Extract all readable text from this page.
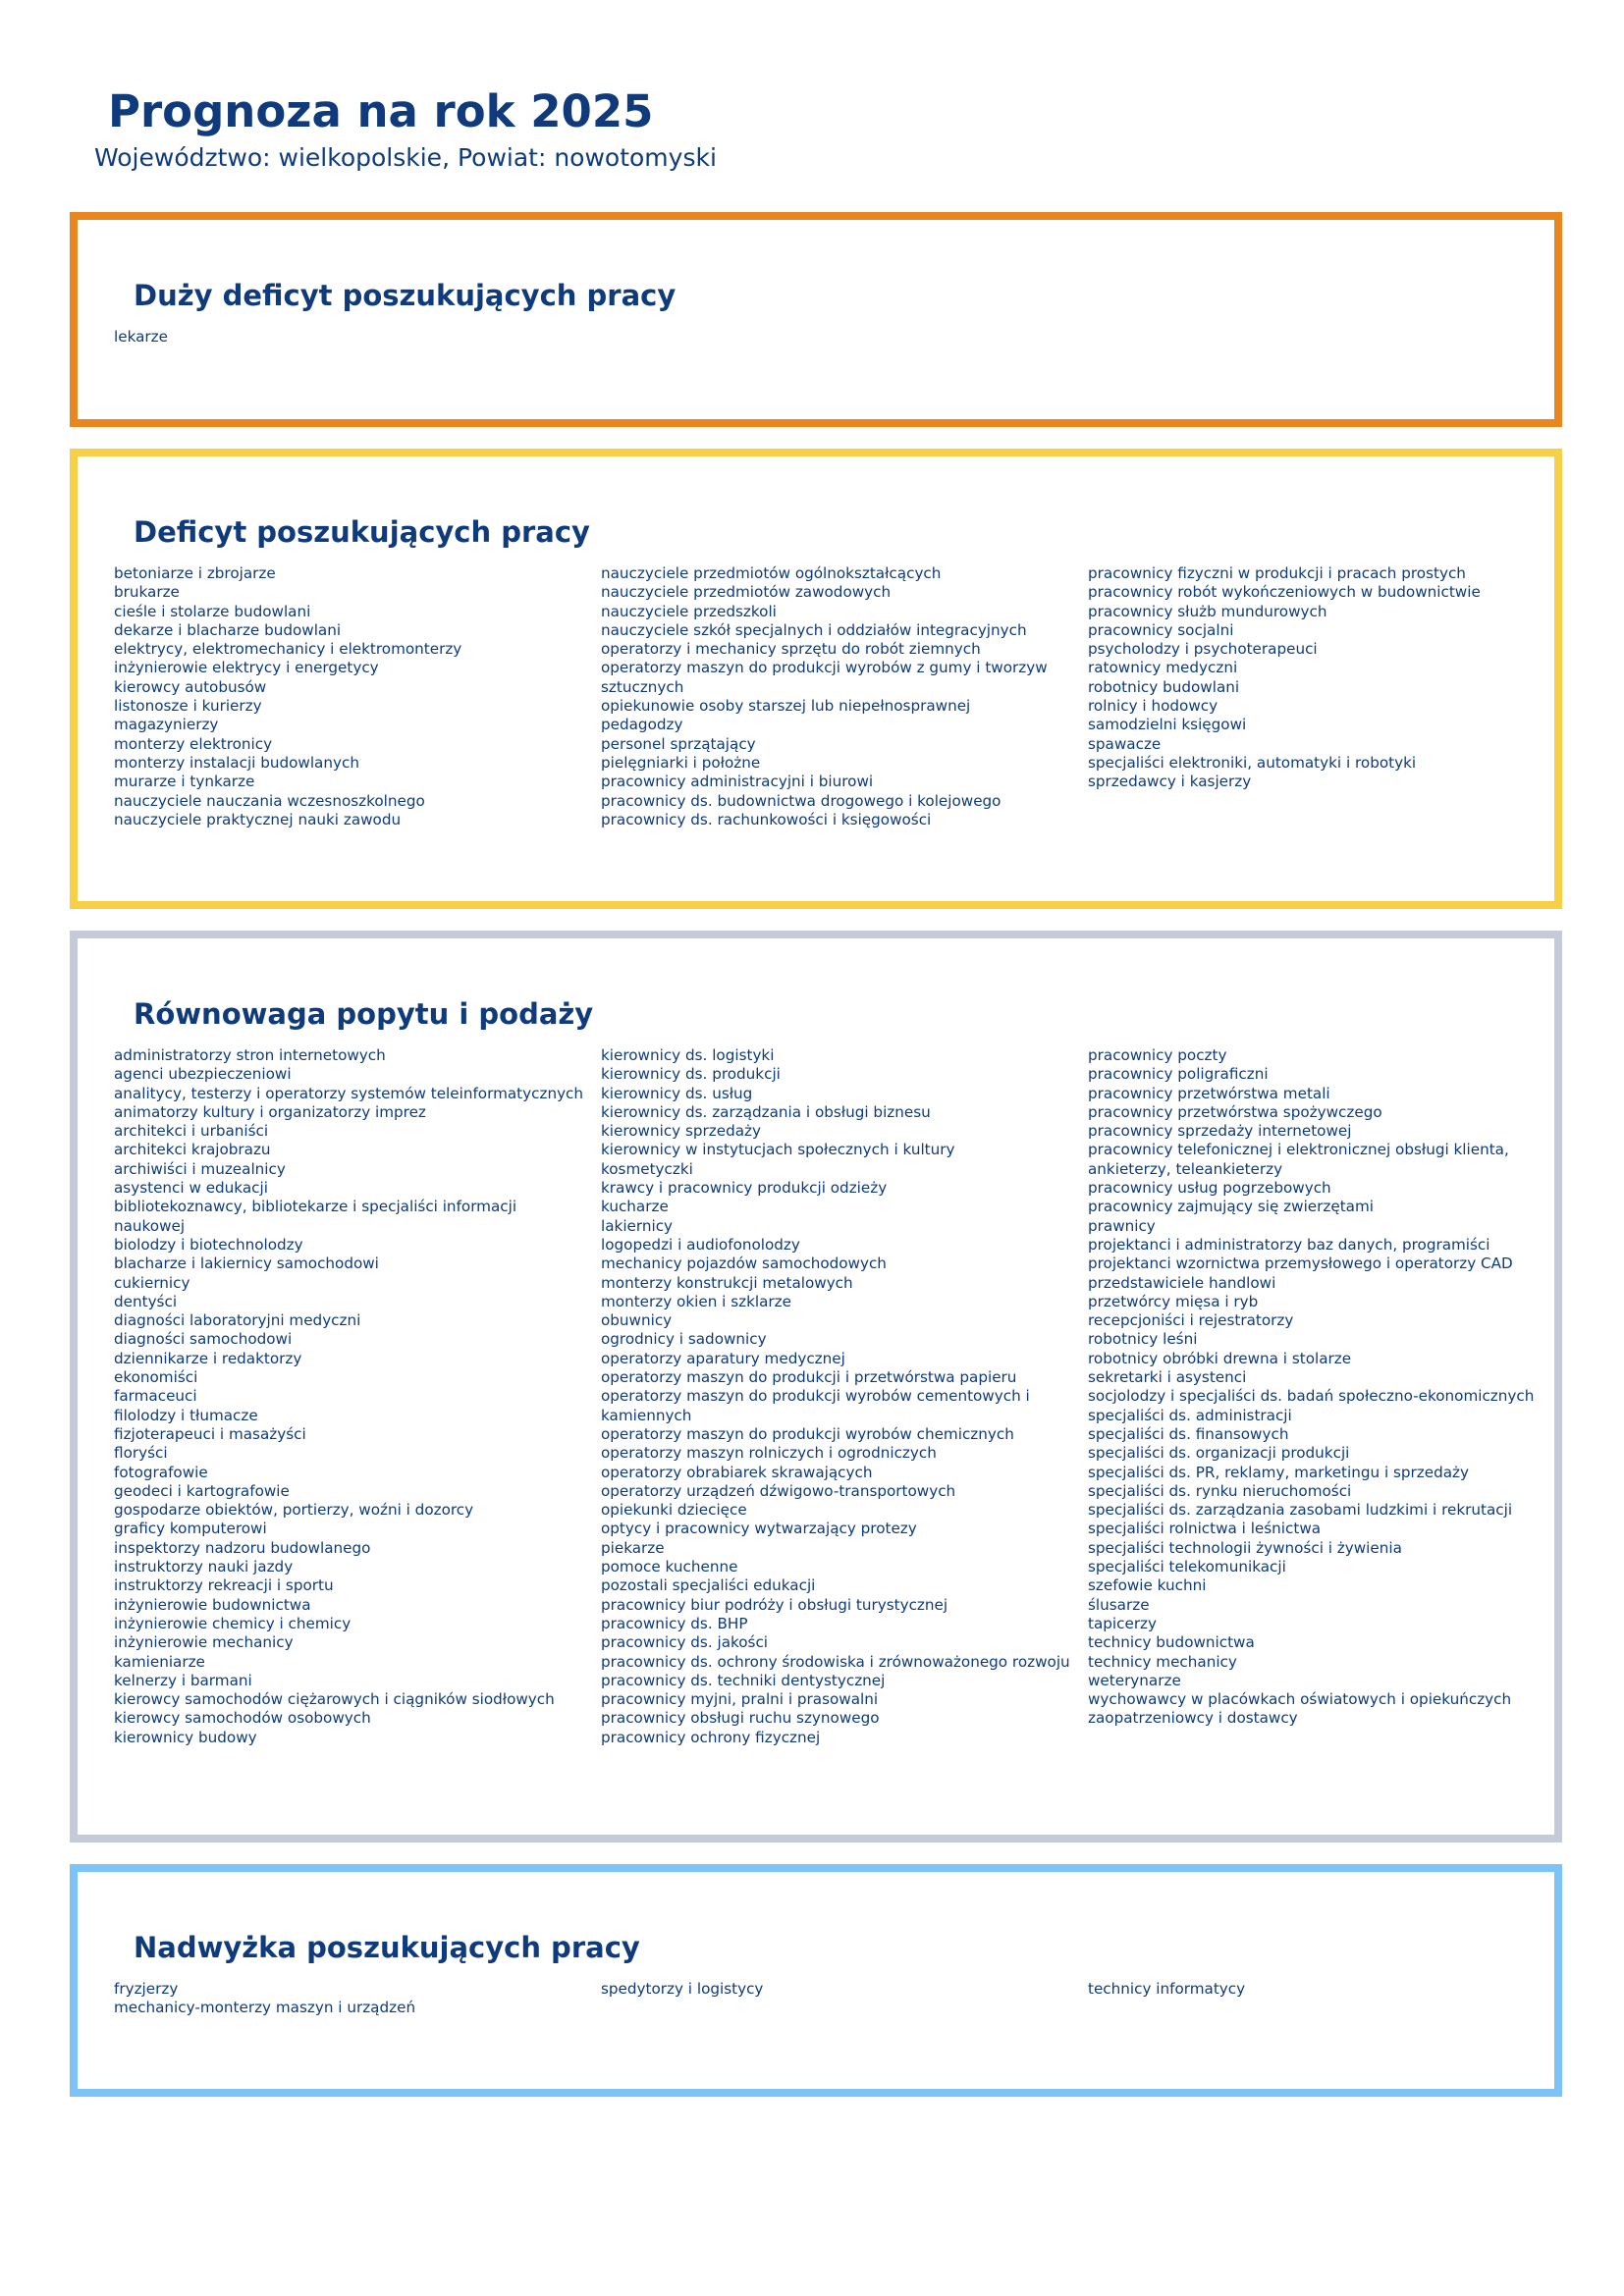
Prognoza na rok 2025

Województwo: wielkopolskie, Powiat: nowotomyski

Duży deficyt poszukujących pracy
lekarze
Deficyt poszukujących pracy
betoniarze i zbrojarze
brukarze
cieśle i stolarze budowlani
dekarze i blacharze budowlani
elektrycy, elektromechanicy i elektromonterzy
inżynierowie elektrycy i energetycy
kierowcy autobusów
listonosze i kurierzy
magazynierzy
monterzy elektronicy
monterzy instalacji budowlanych
murarze i tynkarze
nauczyciele nauczania wczesnoszkolnego
nauczyciele praktycznej nauki zawodu
nauczyciele przedmiotów ogólnokształcących
nauczyciele przedmiotów zawodowych
nauczyciele przedszkoli
nauczyciele szkół specjalnych i oddziałów integracyjnych
operatorzy i mechanicy sprzętu do robót ziemnych
operatorzy maszyn do produkcji wyrobów z gumy i tworzyw sztucznych
opiekunowie osoby starszej lub niepełnosprawnej
pedagodzy
personel sprzątający
pielęgniarki i położne
pracownicy administracyjni i biurowi
pracownicy ds. budownictwa drogowego i kolejowego
pracownicy ds. rachunkowości i księgowości
pracownicy fizyczni w produkcji i pracach prostych
pracownicy robót wykończeniowych w budownictwie
pracownicy służb mundurowych
pracownicy socjalni
psycholodzy i psychoterapeuci
ratownicy medyczni
robotnicy budowlani
rolnicy i hodowcy
samodzielni księgowi
spawacze
specjaliści elektroniki, automatyki i robotyki
sprzedawcy i kasjerzy
Równowaga popytu i podaży
administratorzy stron internetowych
agenci ubezpieczeniowi
analitycy, testerzy i operatorzy systemów teleinformatycznych
animatorzy kultury i organizatorzy imprez
architekci i urbaniści
architekci krajobrazu
archiwiści i muzealnicy
asystenci w edukacji
bibliotekoznawcy, bibliotekarze i specjaliści informacji naukowej
biolodzy i biotechnolodzy
blacharze i lakiernicy samochodowi
cukiernicy
dentyści
diagności laboratoryjni medyczni
diagności samochodowi
dziennikarze i redaktorzy
ekonomiści
farmaceuci
filolodzy i tłumacze
fizjoterapeuci i masażyści
floryści
fotografowie
geodeci i kartografowie
gospodarze obiektów, portierzy, woźni i dozorcy
graficy komputerowi
inspektorzy nadzoru budowlanego
instruktorzy nauki jazdy
instruktorzy rekreacji i sportu
inżynierowie budownictwa
inżynierowie chemicy i chemicy
inżynierowie mechanicy
kamieniarze
kelnerzy i barmani
kierowcy samochodów ciężarowych i ciągników siodłowych
kierowcy samochodów osobowych
kierownicy budowy
kierownicy ds. logistyki
kierownicy ds. produkcji
kierownicy ds. usług
kierownicy ds. zarządzania i obsługi biznesu
kierownicy sprzedaży
kierownicy w instytucjach społecznych i kultury
kosmetyczki
krawcy i pracownicy produkcji odzieży
kucharze
lakiernicy
logopedzi i audiofonolodzy
mechanicy pojazdów samochodowych
monterzy konstrukcji metalowych
monterzy okien i szklarze
obuwnicy
ogrodnicy i sadownicy
operatorzy aparatury medycznej
operatorzy maszyn do produkcji i przetwórstwa papieru
operatorzy maszyn do produkcji wyrobów cementowych i kamiennych
operatorzy maszyn do produkcji wyrobów chemicznych
operatorzy maszyn rolniczych i ogrodniczych
operatorzy obrabiarek skrawających
operatorzy urządzeń dźwigowo-transportowych
opiekunki dziecięce
optycy i pracownicy wytwarzający protezy
piekarze
pomoce kuchenne
pozostali specjaliści edukacji
pracownicy biur podróży i obsługi turystycznej
pracownicy ds. BHP
pracownicy ds. jakości
pracownicy ds. ochrony środowiska i zrównoważonego rozwoju
pracownicy ds. techniki dentystycznej
pracownicy myjni, pralni i prasowalni
pracownicy obsługi ruchu szynowego
pracownicy ochrony fizycznej
pracownicy poczty
pracownicy poligraficzni
pracownicy przetwórstwa metali
pracownicy przetwórstwa spożywczego
pracownicy sprzedaży internetowej
pracownicy telefonicznej i elektronicznej obsługi klienta, ankieterzy, teleankieterzy
pracownicy usług pogrzebowych
pracownicy zajmujący się zwierzętami
prawnicy
projektanci i administratorzy baz danych, programiści
projektanci wzornictwa przemysłowego i operatorzy CAD
przedstawiciele handlowi
przetwórcy mięsa i ryb
recepcjoniści i rejestratorzy
robotnicy leśni
robotnicy obróbki drewna i stolarze
sekretarki i asystenci
socjolodzy i specjaliści ds. badań społeczno-ekonomicznych
specjaliści ds. administracji
specjaliści ds. finansowych
specjaliści ds. organizacji produkcji
specjaliści ds. PR, reklamy, marketingu i sprzedaży
specjaliści ds. rynku nieruchomości
specjaliści ds. zarządzania zasobami ludzkimi i rekrutacji
specjaliści rolnictwa i leśnictwa
specjaliści technologii żywności i żywienia
specjaliści telekomunikacji
szefowie kuchni
ślusarze
tapicerzy
technicy budownictwa
technicy mechanicy
weterynarze
wychowawcy w placówkach oświatowych i opiekuńczych
zaopatrzeniowcy i dostawcy
Nadwyżka poszukujących pracy
fryzjerzy
mechanicy-monterzy maszyn i urządzeń
spedytorzy i logistycy	technicy informatycy
